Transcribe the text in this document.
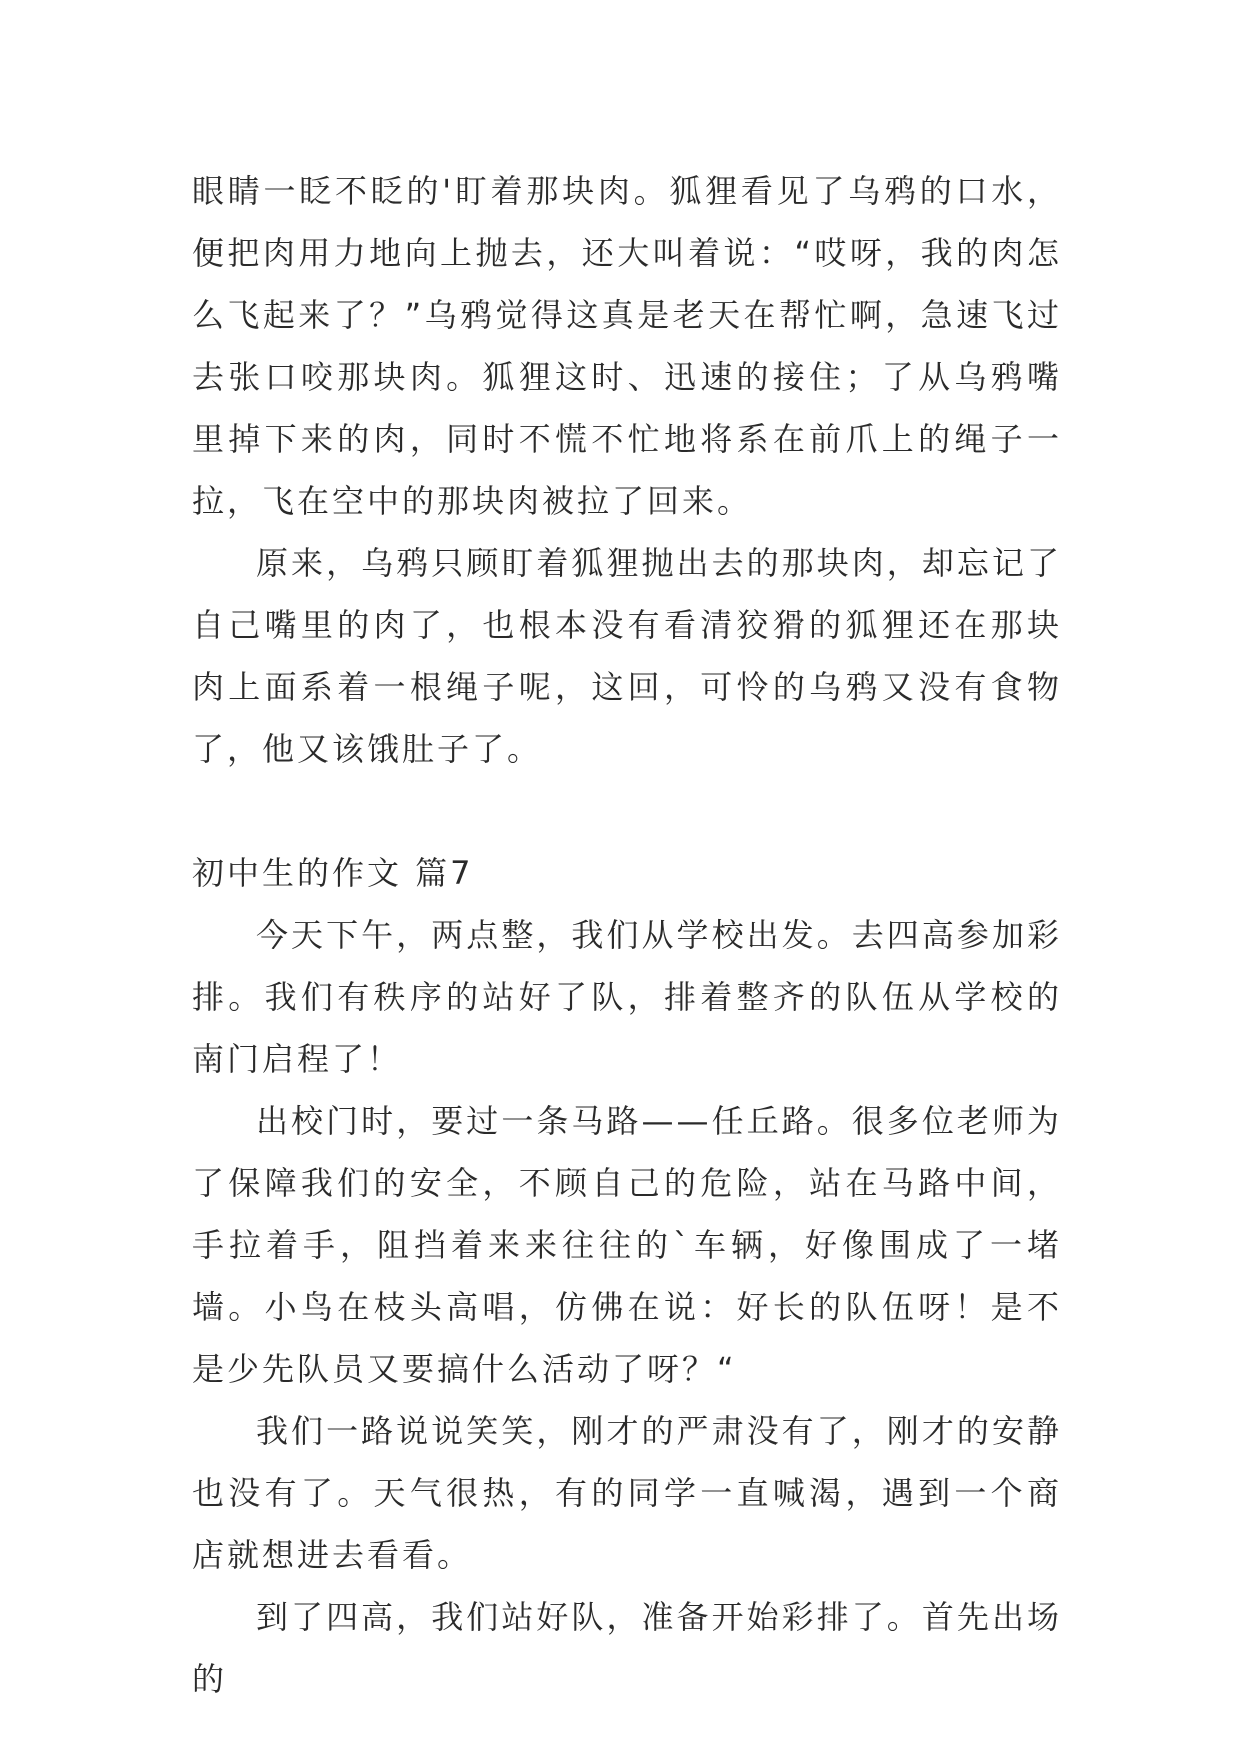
眼睛一眨不眨的'盯着那块肉。狐狸看见了乌鸦的口水，便把肉用力地向上抛去，还大叫着说：“哎呀，我的肉怎么飞起来了？”乌鸦觉得这真是老天在帮忙啊，急速飞过去张口咬那块肉。狐狸这时、迅速的接住；了从乌鸦嘴里掉下来的肉，同时不慌不忙地将系在前爪上的绳子一拉，飞在空中的那块肉被拉了回来。

原来，乌鸦只顾盯着狐狸抛出去的那块肉，却忘记了自己嘴里的肉了，也根本没有看清狡猾的狐狸还在那块肉上面系着一根绳子呢，这回，可怜的乌鸦又没有食物了，他又该饿肚子了。

初中生的作文 篇7

今天下午，两点整，我们从学校出发。去四高参加彩排。我们有秩序的站好了队，排着整齐的队伍从学校的南门启程了！

出校门时，要过一条马路——任丘路。很多位老师为了保障我们的安全，不顾自己的危险，站在马路中间，手拉着手，阻挡着来来往往的`车辆，好像围成了一堵墙。小鸟在枝头高唱，仿佛在说：好长的队伍呀！是不是少先队员又要搞什么活动了呀？“

我们一路说说笑笑，刚才的严肃没有了，刚才的安静也没有了。天气很热，有的同学一直喊渴，遇到一个商店就想进去看看。

到了四高，我们站好队，准备开始彩排了。首先出场的
